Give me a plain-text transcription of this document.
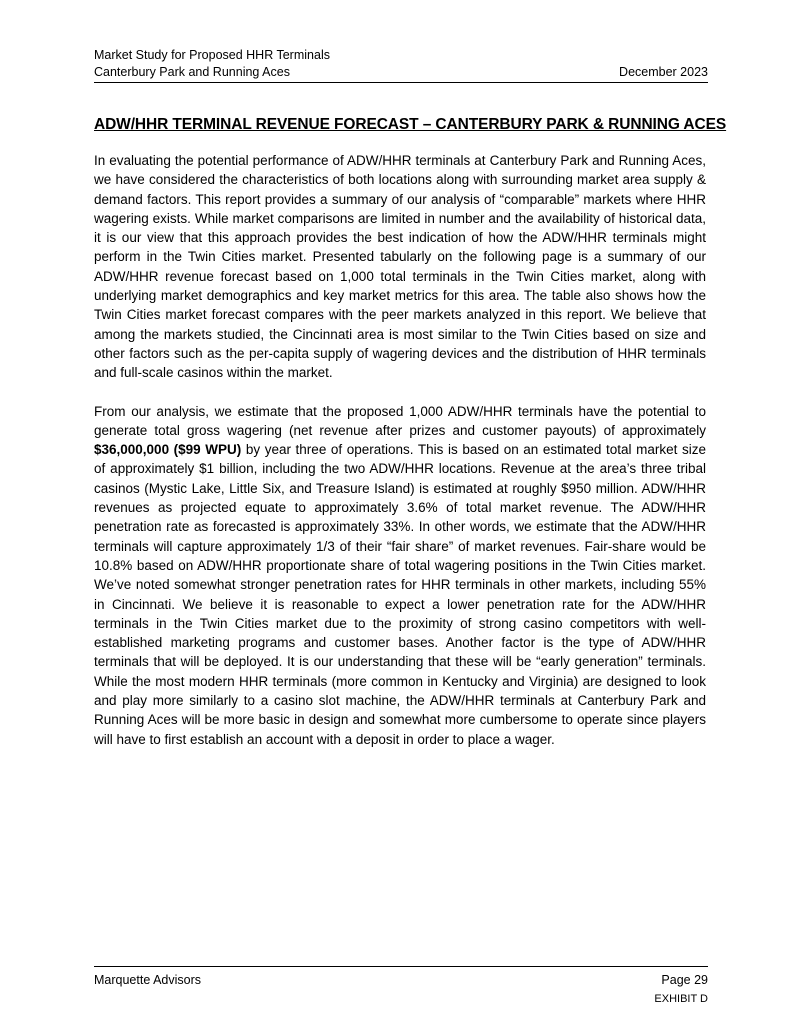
Market Study for Proposed HHR Terminals
Canterbury Park and Running Aces	December 2023
ADW/HHR TERMINAL REVENUE FORECAST – CANTERBURY PARK & RUNNING ACES

In evaluating the potential performance of ADW/HHR terminals at Canterbury Park and Running Aces, we have considered the characteristics of both locations along with surrounding market area supply & demand factors. This report provides a summary of our analysis of “comparable” markets where HHR wagering exists. While market comparisons are limited in number and the availability of historical data, it is our view that this approach provides the best indication of how the ADW/HHR terminals might perform in the Twin Cities market. Presented tabularly on the following page is a summary of our ADW/HHR revenue forecast based on 1,000 total terminals in the Twin Cities market, along with underlying market demographics and key market metrics for this area. The table also shows how the Twin Cities market forecast compares with the peer markets analyzed in this report. We believe that among the markets studied, the Cincinnati area is most similar to the Twin Cities based on size and other factors such as the per-capita supply of wagering devices and the distribution of HHR terminals and full-scale casinos within the market.

From our analysis, we estimate that the proposed 1,000 ADW/HHR terminals have the potential to generate total gross wagering (net revenue after prizes and customer payouts) of approximately $36,000,000 ($99 WPU) by year three of operations. This is based on an estimated total market size of approximately $1 billion, including the two ADW/HHR locations. Revenue at the area’s three tribal casinos (Mystic Lake, Little Six, and Treasure Island) is estimated at roughly $950 million. ADW/HHR revenues as projected equate to approximately 3.6% of total market revenue. The ADW/HHR penetration rate as forecasted is approximately 33%. In other words, we estimate that the ADW/HHR terminals will capture approximately 1/3 of their “fair share” of market revenues. Fair-share would be 10.8% based on ADW/HHR proportionate share of total wagering positions in the Twin Cities market. We’ve noted somewhat stronger penetration rates for HHR terminals in other markets, including 55% in Cincinnati. We believe it is reasonable to expect a lower penetration rate for the ADW/HHR terminals in the Twin Cities market due to the proximity of strong casino competitors with well-established marketing programs and customer bases. Another factor is the type of ADW/HHR terminals that will be deployed. It is our understanding that these will be “early generation” terminals. While the most modern HHR terminals (more common in Kentucky and Virginia) are designed to look and play more similarly to a casino slot machine, the ADW/HHR terminals at Canterbury Park and Running Aces will be more basic in design and somewhat more cumbersome to operate since players will have to first establish an account with a deposit in order to place a wager.

Marquette Advisors	Page 29
EXHIBIT D
